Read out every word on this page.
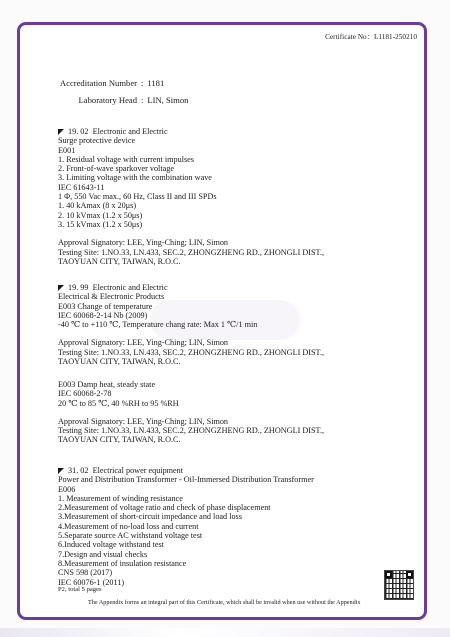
Certificate No：L1181-250210
Accreditation Number : 1181
Laboratory Head : LIN, Simon
19. 02 Electronic and Electric
Surge protective device
E001
1. Residual voltage with current impulses
2. Front-of-wave sparkover voltage
3. Limiting voltage with the combination wave
IEC 61643-11
1 Φ, 550 Vac max., 60 Hz, Class II and III SPDs
1. 40 kAmax (8 x 20μs)
2. 10 kVmax (1.2 x 50μs)
3. 15 kVmax (1.2 x 50μs)
Approval Signatory: LEE, Ying-Ching; LIN, Simon
Testing Site: 1.NO.33, LN.433, SEC.2, ZHONGZHENG RD., ZHONGLI DIST.,
TAOYUAN CITY, TAIWAN, R.O.C.
19. 99 Electronic and Electric
Electrical & Electronic Products
E003 Change of temperature
IEC 60068-2-14 Nb (2009)
-40 ℃ to +110 ℃, Temperature chang rate: Max 1 ℃/1 min
Approval Signatory: LEE, Ying-Ching; LIN, Simon
Testing Site: 1.NO.33, LN.433, SEC.2, ZHONGZHENG RD., ZHONGLI DIST.,
TAOYUAN CITY, TAIWAN, R.O.C.
E003 Damp heat, steady state
IEC 60068-2-78
20 ℃ to 85 ℃, 40 %RH to 95 %RH
Approval Signatory: LEE, Ying-Ching; LIN, Simon
Testing Site: 1.NO.33, LN.433, SEC.2, ZHONGZHENG RD., ZHONGLI DIST.,
TAOYUAN CITY, TAIWAN, R.O.C.
31. 02 Electrical power equipment
Power and Distribution Transformer - Oil-Immersed Distribution Transformer
E006
1. Measurement of winding resistance
2.Measurement of voltage ratio and check of phase displacement
3.Measurement of short-circuit impedance and load loss
4.Measurement of no-load loss and current
5.Separate source AC withstand voltage test
6.Induced voltage withstand test
7.Design and visual checks
8.Measurement of insulation resistance
CNS 598 (2017)
IEC 60076-1 (2011)
P2, total 5 pages
The Appendix forms an integral part of this Certificate, which shall be invalid when use without the Appendix
